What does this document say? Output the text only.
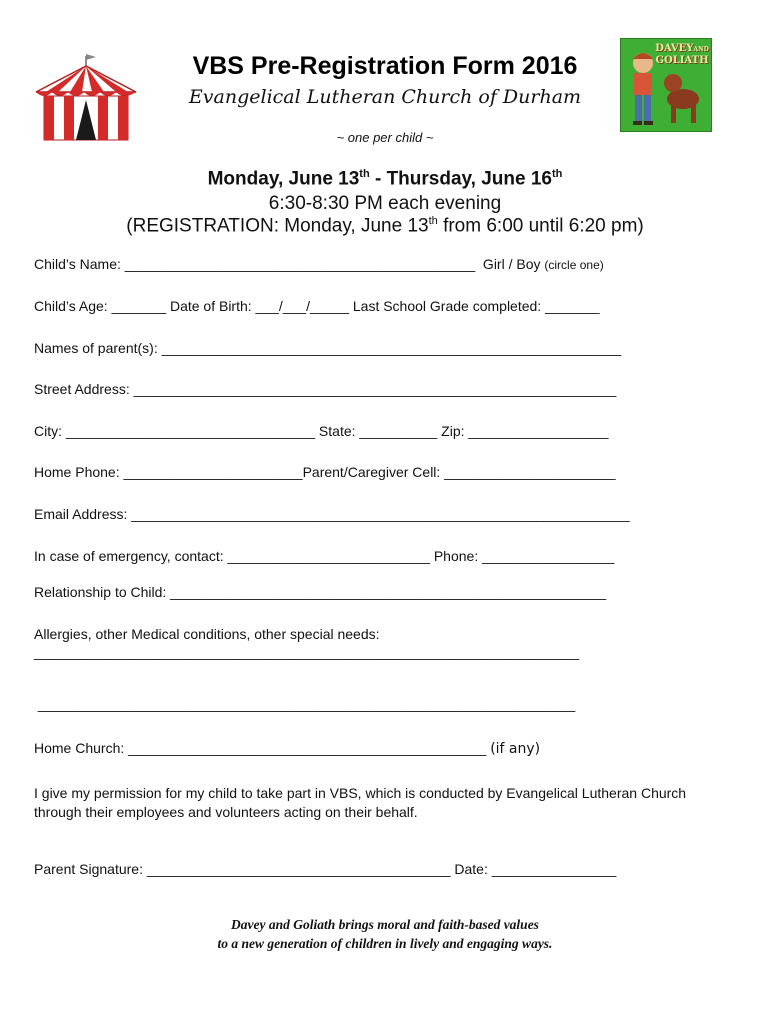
DAVEYAND
GOLIATH
VBS Pre-Registration Form 2016
Evangelical Lutheran Church of Durham
~ one per child ~
Monday, June 13th - Thursday, June 16th
6:30-8:30 PM each evening
(REGISTRATION: Monday, June 13th from 6:00 until 6:20 pm)
Child’s Name: _____________________________________________  Girl / Boy (circle one)
Child’s Age: _______ Date of Birth: ___/___/_____ Last School Grade completed: _______
Names of parent(s): ___________________________________________________________
Street Address: ______________________________________________________________
City: ________________________________ State: __________ Zip: __________________
Home Phone: _______________________Parent/Caregiver Cell: ______________________
Email Address: ________________________________________________________________
In case of emergency, contact: __________________________ Phone: _________________
Relationship to Child: ________________________________________________________
Allergies, other Medical conditions, other special needs:
______________________________________________________________________
_____________________________________________________________________
Home Church: ______________________________________________ (if any)
I give my permission for my child to take part in VBS, which is conducted by Evangelical Lutheran Church through their employees and volunteers acting on their behalf.
Parent Signature: _______________________________________ Date: ________________
Davey and Goliath brings moral and faith-based values
to a new generation of children in lively and engaging ways.
